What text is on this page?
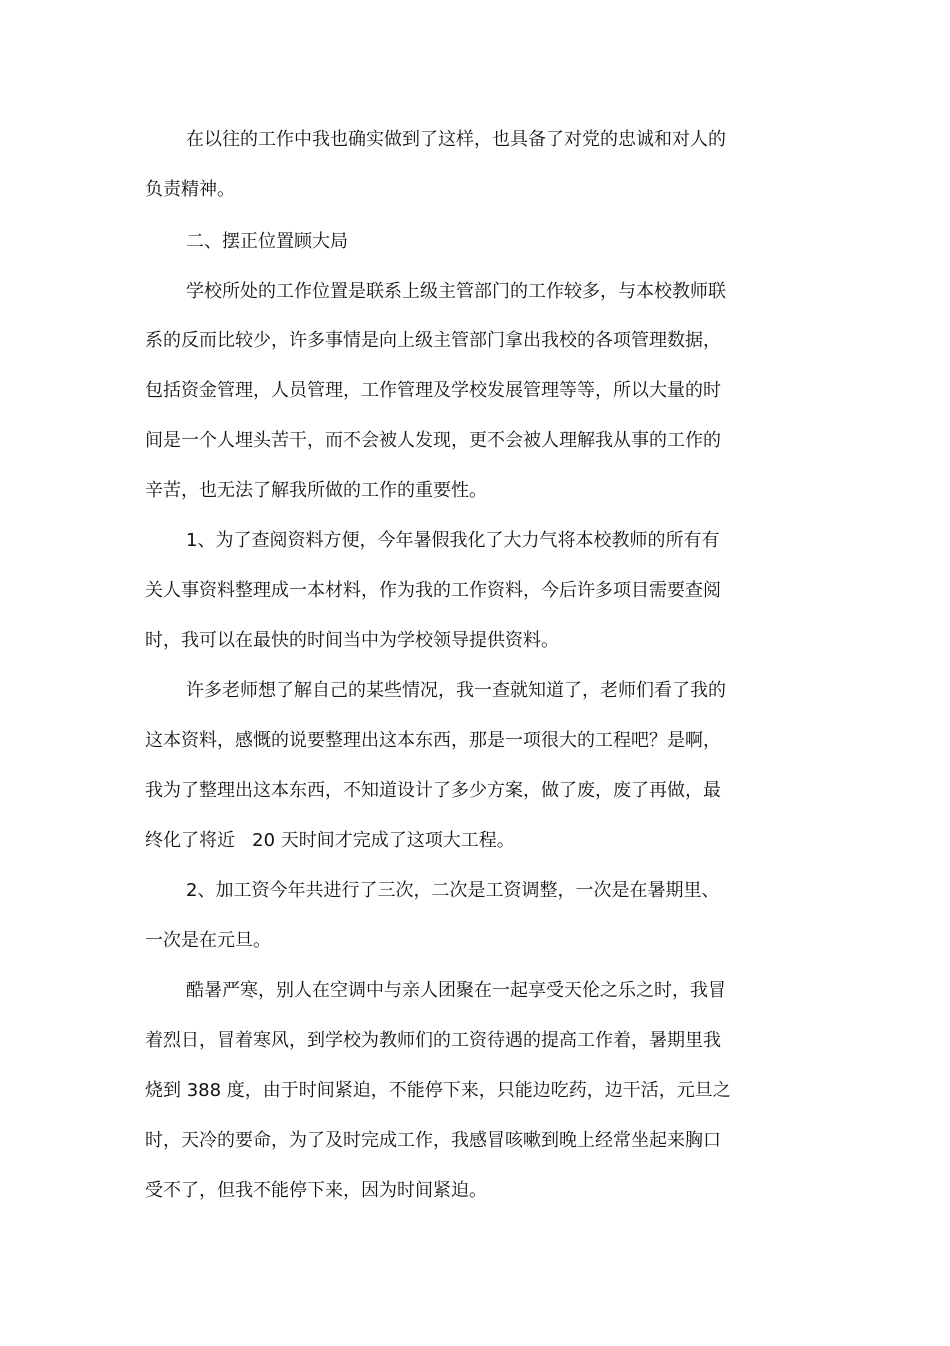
在以往的工作中我也确实做到了这样，也具备了对党的忠诚和对人的
负责精神。
二、摆正位置顾大局
学校所处的工作位置是联系上级主管部门的工作较多，与本校教师联
系的反而比较少，许多事情是向上级主管部门拿出我校的各项管理数据，
包括资金管理，人员管理，工作管理及学校发展管理等等，所以大量的时
间是一个人埋头苦干，而不会被人发现，更不会被人理解我从事的工作的
辛苦，也无法了解我所做的工作的重要性。
1、为了查阅资料方便，今年暑假我化了大力气将本校教师的所有有
关人事资料整理成一本材料，作为我的工作资料，今后许多项目需要查阅
时，我可以在最快的时间当中为学校领导提供资料。
许多老师想了解自己的某些情况，我一查就知道了，老师们看了我的
这本资料，感慨的说要整理出这本东西，那是一项很大的工程吧？是啊，
我为了整理出这本东西，不知道设计了多少方案，做了废，废了再做，最
终化了将近   20 天时间才完成了这项大工程。
2、加工资今年共进行了三次，二次是工资调整，一次是在暑期里、
一次是在元旦。
酷暑严寒，别人在空调中与亲人团聚在一起享受天伦之乐之时，我冒
着烈日，冒着寒风，到学校为教师们的工资待遇的提高工作着，暑期里我
烧到 388 度，由于时间紧迫，不能停下来，只能边吃药，边干活，元旦之
时，天冷的要命，为了及时完成工作，我感冒咳嗽到晚上经常坐起来胸口
受不了，但我不能停下来，因为时间紧迫。
